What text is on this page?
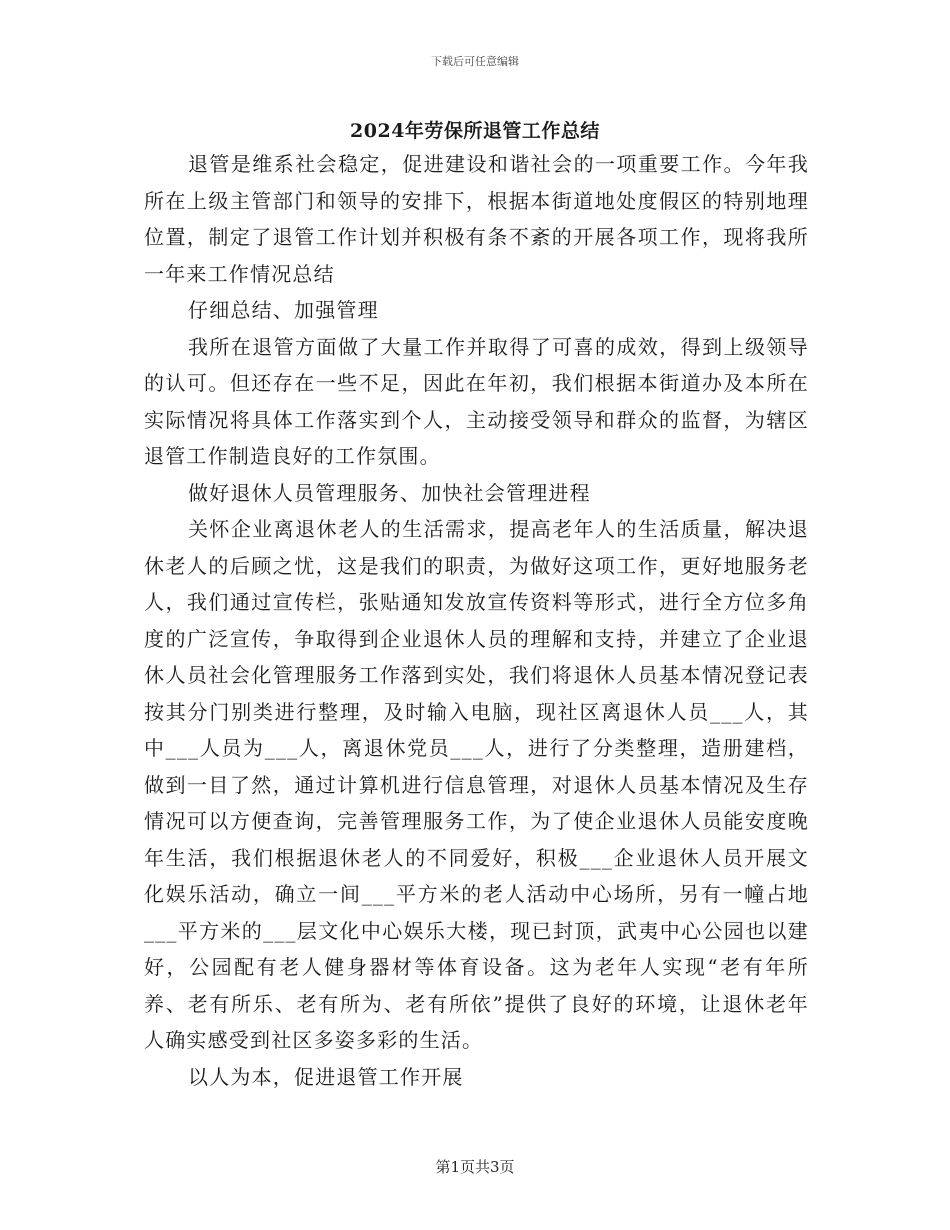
下载后可任意编辑
2024年劳保所退管工作总结

退管是维系社会稳定，促进建设和谐社会的一项重要工作。今年我所在上级主管部门和领导的安排下，根据本街道地处度假区的特别地理位置，制定了退管工作计划并积极有条不紊的开展各项工作，现将我所一年来工作情况总结

仔细总结、加强管理

我所在退管方面做了大量工作并取得了可喜的成效，得到上级领导的认可。但还存在一些不足，因此在年初，我们根据本街道办及本所在实际情况将具体工作落实到个人，主动接受领导和群众的监督，为辖区退管工作制造良好的工作氛围。

做好退休人员管理服务、加快社会管理进程

关怀企业离退休老人的生活需求，提高老年人的生活质量，解决退休老人的后顾之忧，这是我们的职责，为做好这项工作，更好地服务老人，我们通过宣传栏，张贴通知发放宣传资料等形式，进行全方位多角度的广泛宣传，争取得到企业退休人员的理解和支持，并建立了企业退休人员社会化管理服务工作落到实处，我们将退休人员基本情况登记表按其分门别类进行整理，及时输入电脑，现社区离退休人员___人，其中___人员为___人，离退休党员___人，进行了分类整理，造册建档，做到一目了然，通过计算机进行信息管理，对退休人员基本情况及生存情况可以方便查询，完善管理服务工作，为了使企业退休人员能安度晚年生活，我们根据退休老人的不同爱好，积极___企业退休人员开展文化娱乐活动，确立一间___平方米的老人活动中心场所，另有一幢占地___平方米的___层文化中心娱乐大楼，现已封顶，武夷中心公园也以建好，公园配有老人健身器材等体育设备。这为老年人实现“老有年所养、老有所乐、老有所为、老有所依”提供了良好的环境，让退休老年人确实感受到社区多姿多彩的生活。

以人为本，促进退管工作开展

第1页共3页
